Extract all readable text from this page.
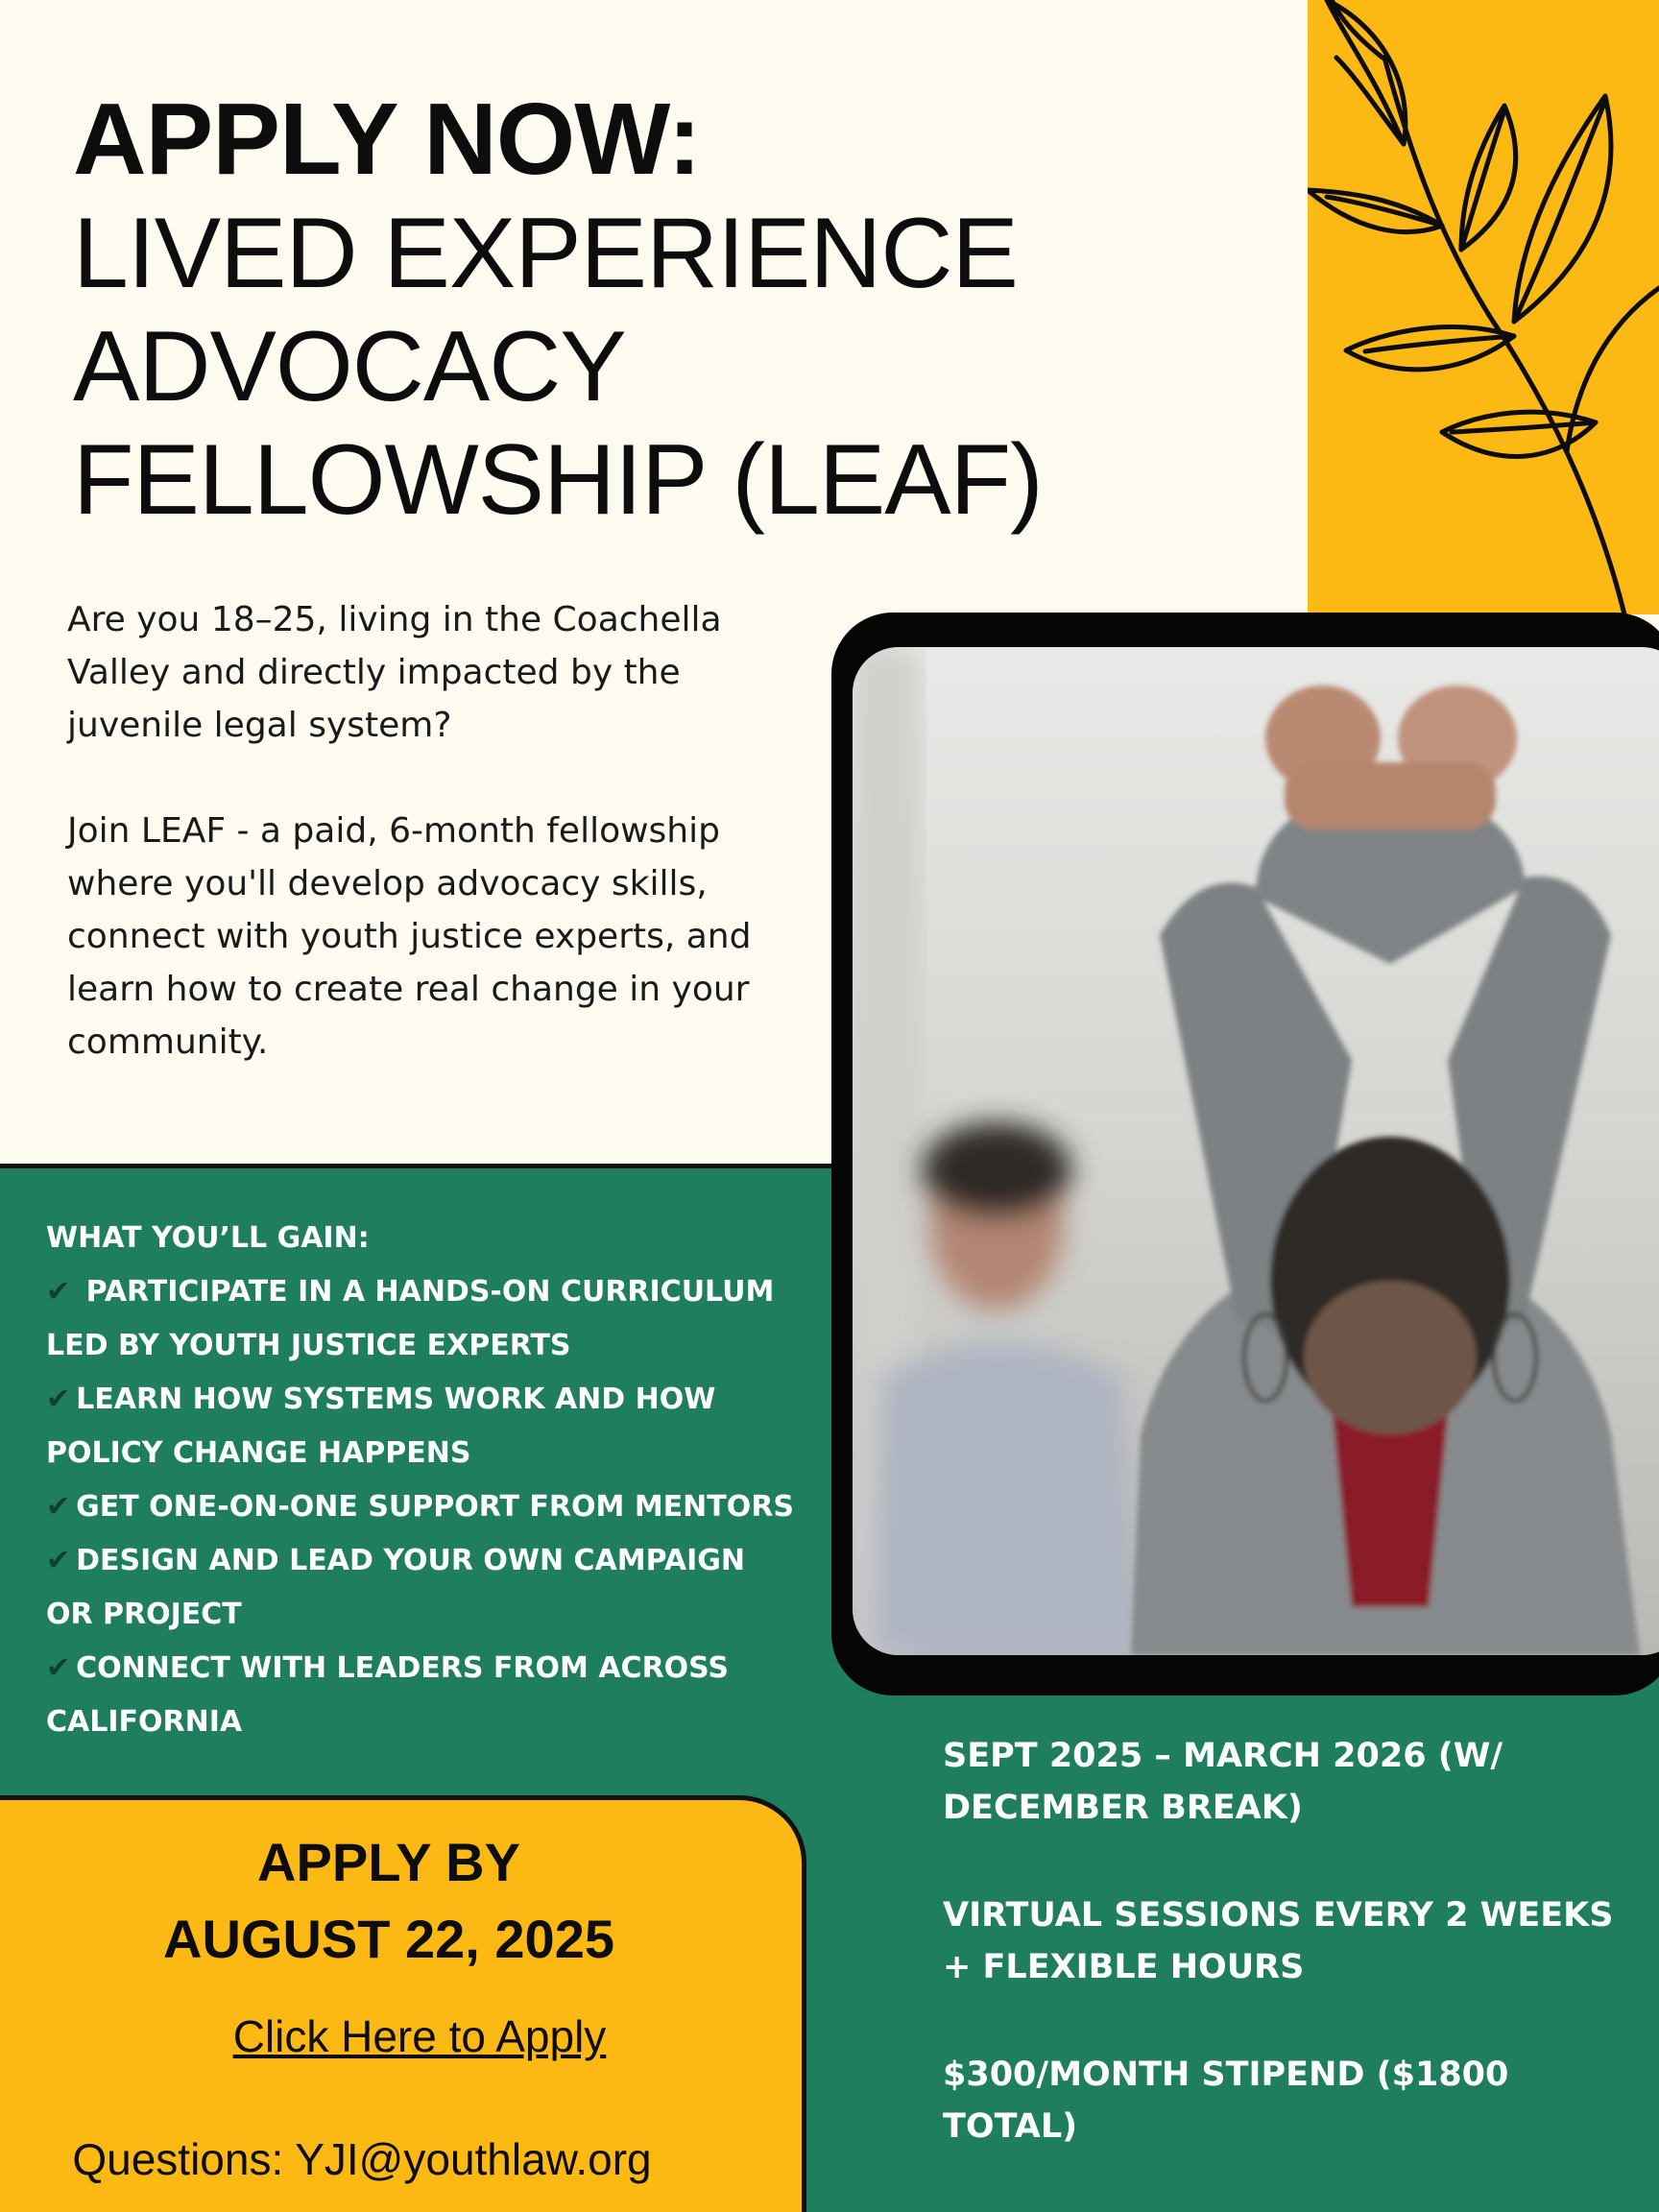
APPLY NOW:
LIVED EXPERIENCE
ADVOCACY
FELLOWSHIP (LEAF)
Are you 18–25, living in the Coachella Valley and directly impacted by the juvenile legal system?
Join LEAF - a paid, 6-month fellowship where you'll develop advocacy skills, connect with youth justice experts, and learn how to create real change in your community.
WHAT YOU’LL GAIN:
✔ PARTICIPATE IN A HANDS-ON CURRICULUM LED BY YOUTH JUSTICE EXPERTS
✔ LEARN HOW SYSTEMS WORK AND HOW POLICY CHANGE HAPPENS
✔ GET ONE-ON-ONE SUPPORT FROM MENTORS
✔ DESIGN AND LEAD YOUR OWN CAMPAIGN OR PROJECT
✔ CONNECT WITH LEADERS FROM ACROSS CALIFORNIA
APPLY BY
AUGUST 22, 2025
Click Here to Apply
Questions: YJI@youthlaw.org
SEPT 2025 – MARCH 2026 (W/ DECEMBER BREAK)
VIRTUAL SESSIONS EVERY 2 WEEKS + FLEXIBLE HOURS
$300/MONTH STIPEND ($1800 TOTAL)
